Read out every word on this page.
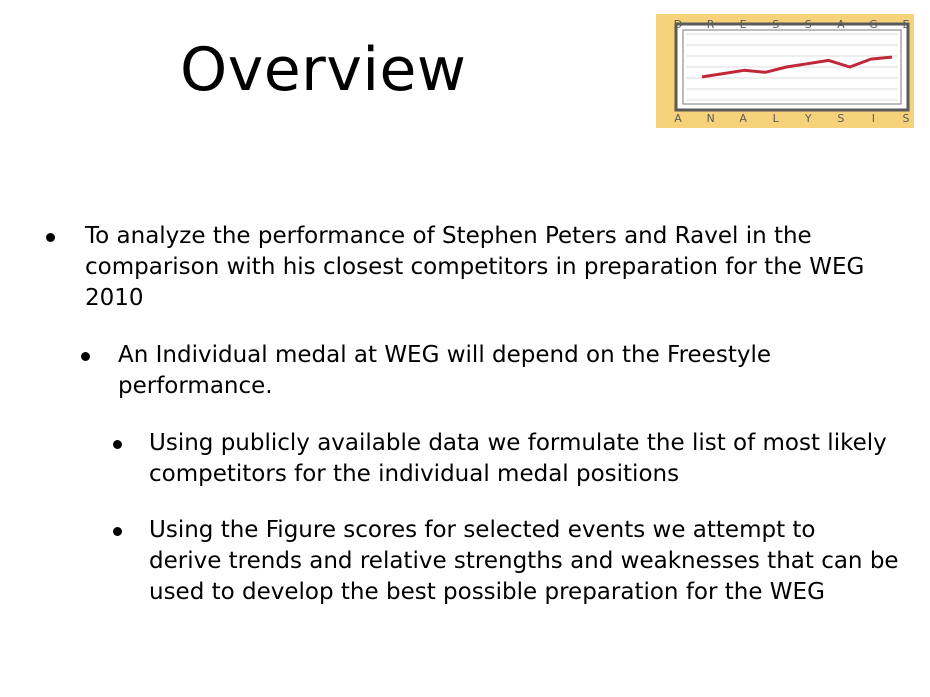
Overview
D R E S S A G E
A N A L Y S I S

To analyze the performance of Stephen Peters and Ravel in the

comparison with his closest competitors in preparation for the WEG

2010

An Individual medal at WEG will depend on the Freestyle

performance.

Using publicly available data we formulate the list of most likely

competitors for the individual medal positions

Using the Figure scores for selected events we attempt to

derive trends and relative strengths and weaknesses that can be

used to develop the best possible preparation for the WEG
